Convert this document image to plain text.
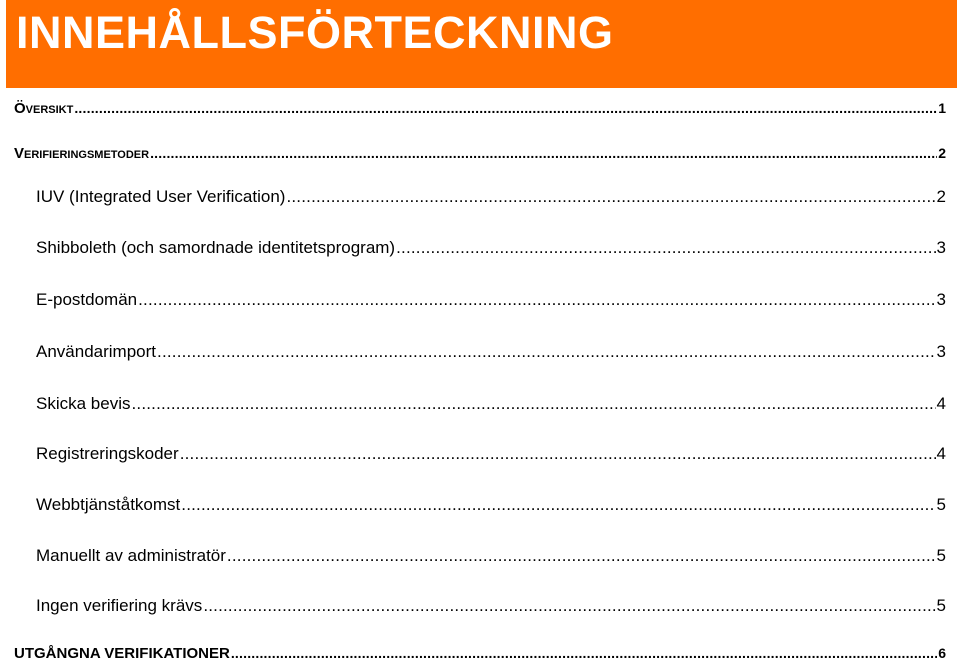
INNEHÅLLSFÖRTECKNING
Översikt .....	1
Verifieringsmetoder .....	2
IUV (Integrated User Verification) .....	2
Shibboleth (och samordnade identitetsprogram) .....	3
E-postdomän .....	3
Användarimport .....	3
Skicka bevis .....	4
Registreringskoder .....	4
Webbtjänståtkomst .....	5
Manuellt av administratör .....	5
Ingen verifiering krävs .....	5
UTGÅNGNA VERIFIKATIONER .....	6
